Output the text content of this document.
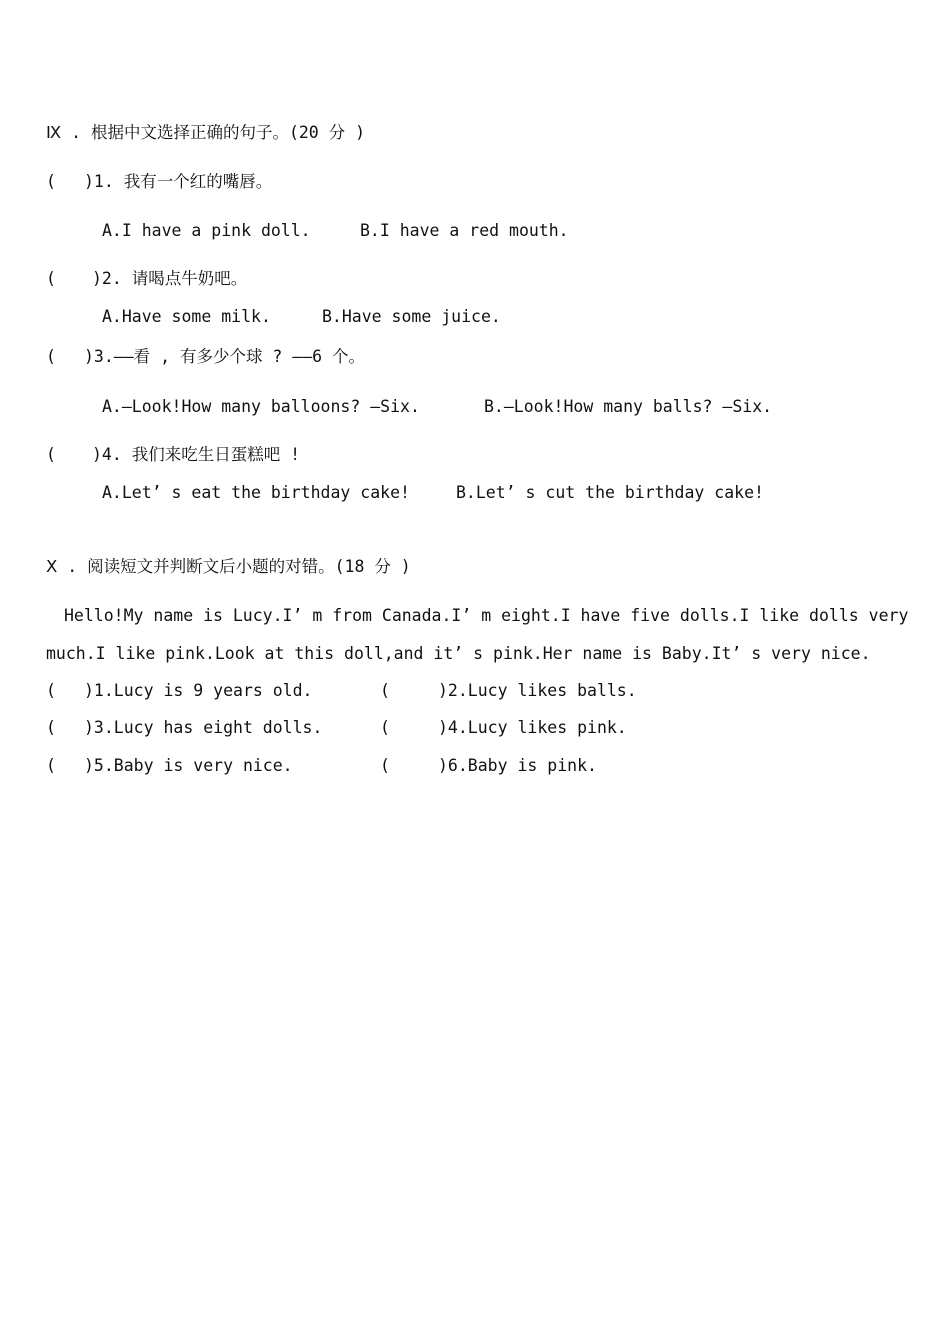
Ⅸ . 根据中文选择正确的句子。(20 分 )

( )1. 我有一个红的嘴唇。
A.I have a pink doll.	B.I have a red mouth.
( )2. 请喝点牛奶吧。
A.Have some milk.	B.Have some juice.
( )3.——看 , 有多少个球 ? ——6 个。
A.—Look!How many balloons? —Six.	B.—Look!How many balls? —Six.
( )4. 我们来吃生日蛋糕吧 !
A.Let’ s eat the birthday cake!	B.Let’ s cut the birthday cake!

Ⅹ . 阅读短文并判断文后小题的对错。(18 分 )

Hello!My name is Lucy.I’ m from Canada.I’ m eight.I have five dolls.I like dolls very

much.I like pink.Look at this doll,and it’ s pink.Her name is Baby.It’ s very nice.

( )1.Lucy is 9 years old.	(	)2.Lucy likes balls.
( )3.Lucy has eight dolls.	(	)4.Lucy likes pink.
( )5.Baby is very nice.	(	)6.Baby is pink.
